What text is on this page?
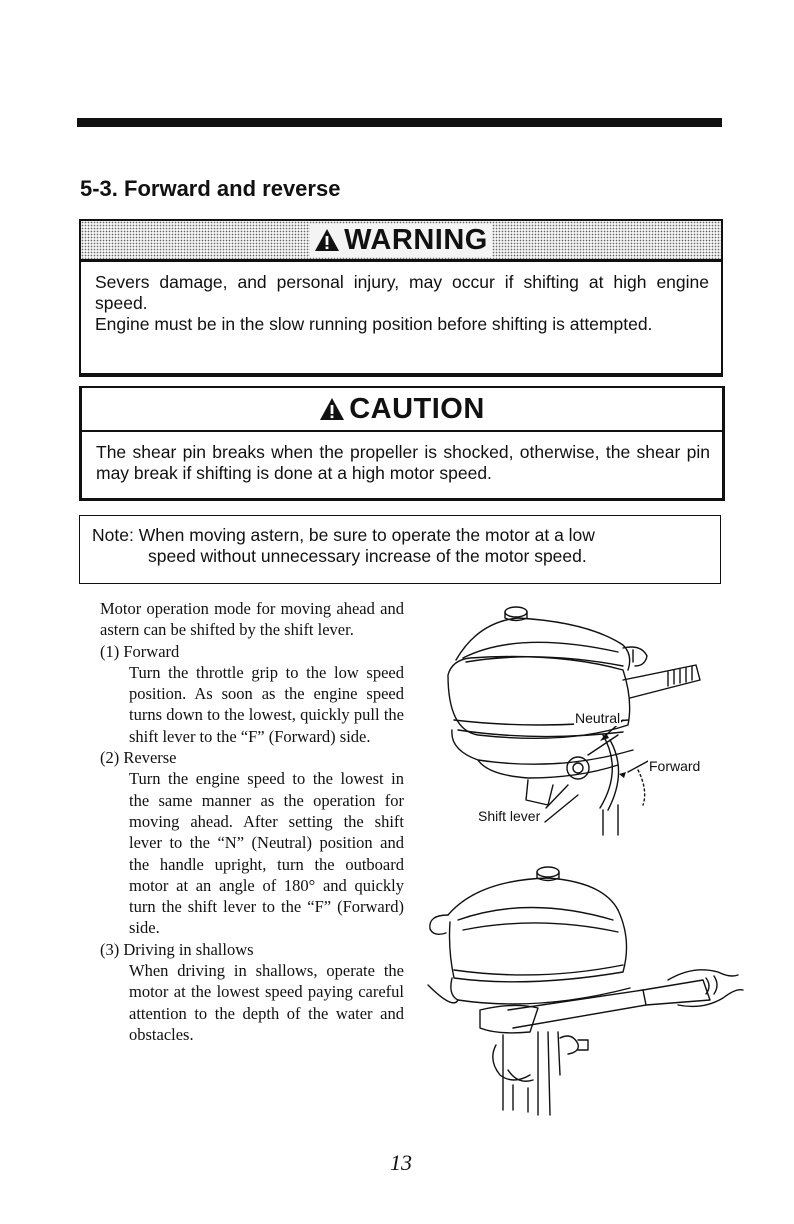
5-3. Forward and reverse
WARNING

Severs damage, and personal injury, may occur if shifting at high engine speed.

Engine must be in the slow running position before shifting is attempted.

CAUTION

The shear pin breaks when the propeller is shocked, otherwise, the shear pin may break if shifting is done at a high motor speed.

Note: When moving astern, be sure to operate the motor at a low

speed without unnecessary increase of the motor speed.

Motor operation mode for moving ahead and astern can be shifted by the shift lever.

(1) Forward

Turn the throttle grip to the low speed position. As soon as the engine speed turns down to the lowest, quickly pull the shift lever to the “F” (Forward) side.

(2) Reverse

Turn the engine speed to the lowest in the same manner as the operation for moving ahead. After setting the shift lever to the “N” (Neutral) position and the handle upright, turn the outboard motor at an angle of 180° and quickly turn the shift lever to the “F” (Forward) side.

(3) Driving in shallows

When driving in shallows, operate the motor at the lowest speed paying careful attention to the depth of the water and obstacles.

Neutral
Forward
Shift lever
13
